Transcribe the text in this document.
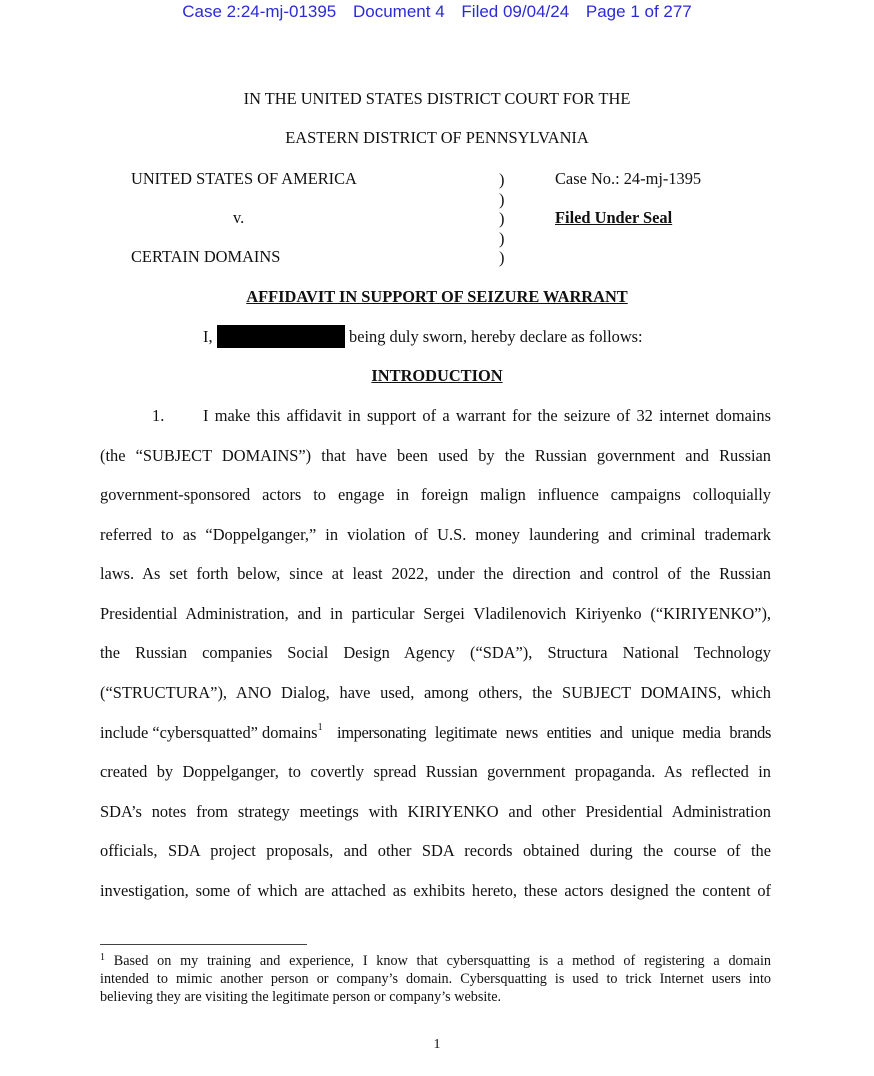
Case 2:24-mj-01395 Document 4 Filed 09/04/24 Page 1 of 277
IN THE UNITED STATES DISTRICT COURT FOR THE
EASTERN DISTRICT OF PENNSYLVANIA
UNITED STATES OF AMERICA
v.
CERTAIN DOMAINS
)
)
)
)
)
Case No.: 24-mj-1395
Filed Under Seal
AFFIDAVIT IN SUPPORT OF SEIZURE WARRANT
I,	being duly sworn, hereby declare as follows:
INTRODUCTION
1. I make this affidavit in support of a warrant for the seizure of 32 internet domains
(the “SUBJECT DOMAINS”) that have been used by the Russian government and Russian
government-sponsored actors to engage in foreign malign influence campaigns colloquially
referred to as “Doppelganger,” in violation of U.S. money laundering and criminal trademark
laws. As set forth below, since at least 2022, under the direction and control of the Russian
Presidential Administration, and in particular Sergei Vladilenovich Kiriyenko (“KIRIYENKO”),
the Russian companies Social Design Agency (“SDA”), Structura National Technology
(“STRUCTURA”), ANO Dialog, have used, among others, the SUBJECT DOMAINS, which
include “cybersquatted” domains$^1$ impersonating legitimate news entities and unique media brands
created by Doppelganger, to covertly spread Russian government propaganda. As reflected in
SDA’s notes from strategy meetings with KIRIYENKO and other Presidential Administration
officials, SDA project proposals, and other SDA records obtained during the course of the
investigation, some of which are attached as exhibits hereto, these actors designed the content of
$^1$ Based on my training and experience, I know that cybersquatting is a method of registering a domain
intended to mimic another person or company’s domain. Cybersquatting is used to trick Internet users into
believing they are visiting the legitimate person or company’s website.
1
